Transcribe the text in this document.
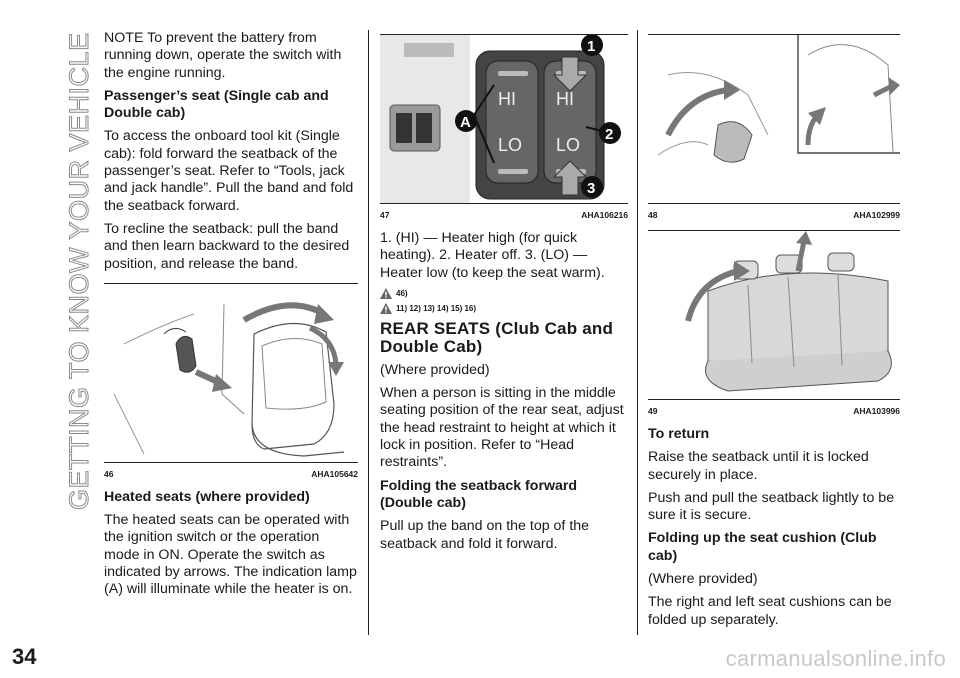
GETTING TO KNOW YOUR VEHICLE
34

NOTE To prevent the battery from running down, operate the switch with the engine running.

Passenger’s seat (Single cab and Double cab)

To access the onboard tool kit (Single cab): fold forward the seatback of the passenger’s seat. Refer to “Tools, jack and jack handle”. Pull the band and fold the seatback forward.

To recline the seatback: pull the band and then learn backward to the desired position, and release the band.

46	AHA105642
Heated seats (where provided)

The heated seats can be operated with the ignition switch or the operation mode in ON. Operate the switch as indicated by arrows. The indication lamp (A) will illuminate while the heater is on.

HI
LO
HI
LO
1
2
3
A
47	AHA106216

1. (HI) — Heater high (for quick heating). 2. Heater off. 3. (LO) — Heater low (to keep the seat warm).

46)
11) 12) 13) 14) 15) 16)
REAR SEATS (Club Cab and Double Cab)

(Where provided)

When a person is sitting in the middle seating position of the rear seat, adjust the head restraint to height at which it lock in position. Refer to “Head restraints”.

Folding the seatback forward (Double cab)

Pull up the band on the top of the seatback and fold it forward.

48	AHA102999
49	AHA103996
To return

Raise the seatback until it is locked securely in place.

Push and pull the seatback lightly to be sure it is secure.

Folding up the seat cushion (Club cab)

(Where provided)

The right and left seat cushions can be folded up separately.

carmanualsonline.info
